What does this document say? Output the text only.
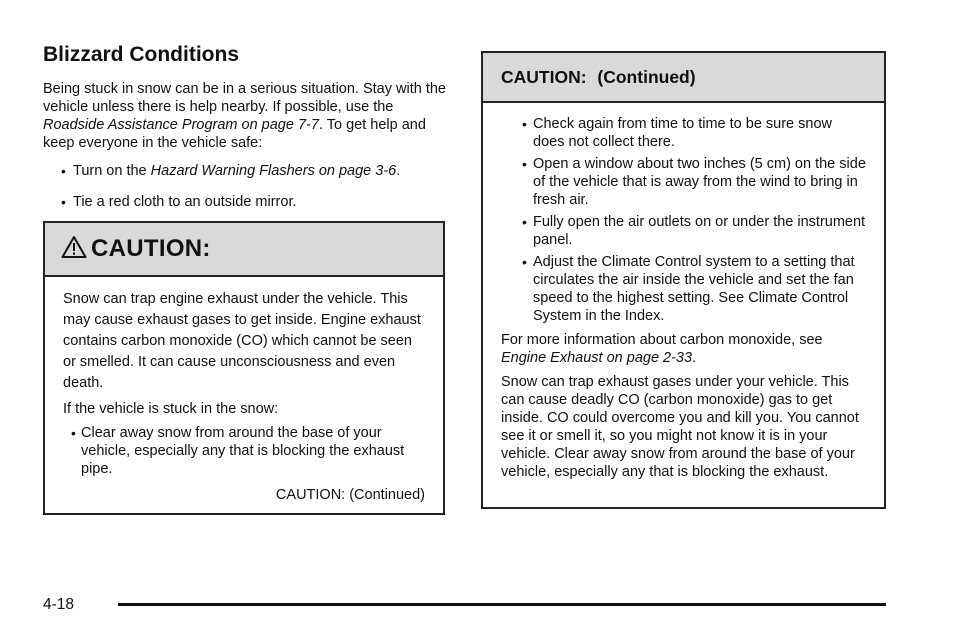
Blizzard Conditions

Being stuck in snow can be in a serious situation. Stay with the vehicle unless there is help nearby. If possible, use the Roadside Assistance Program on page 7-7. To get help and keep everyone in the vehicle safe:

• Turn on the Hazard Warning Flashers on page 3-6.
• Tie a red cloth to an outside mirror.
CAUTION:

Snow can trap engine exhaust under the vehicle. This may cause exhaust gases to get inside. Engine exhaust contains carbon monoxide (CO) which cannot be seen or smelled. It can cause unconsciousness and even death.

If the vehicle is stuck in the snow:

• Clear away snow from around the base of your vehicle, especially any that is blocking the exhaust pipe.
CAUTION: (Continued)
CAUTION: (Continued)
• Check again from time to time to be sure snow does not collect there.
• Open a window about two inches (5 cm) on the side of the vehicle that is away from the wind to bring in fresh air.
• Fully open the air outlets on or under the instrument panel.
• Adjust the Climate Control system to a setting that circulates the air inside the vehicle and set the fan speed to the highest setting. See Climate Control System in the Index.

For more information about carbon monoxide, see Engine Exhaust on page 2-33.

Snow can trap exhaust gases under your vehicle. This can cause deadly CO (carbon monoxide) gas to get inside. CO could overcome you and kill you. You cannot see it or smell it, so you might not know it is in your vehicle. Clear away snow from around the base of your vehicle, especially any that is blocking the exhaust.

4-18
